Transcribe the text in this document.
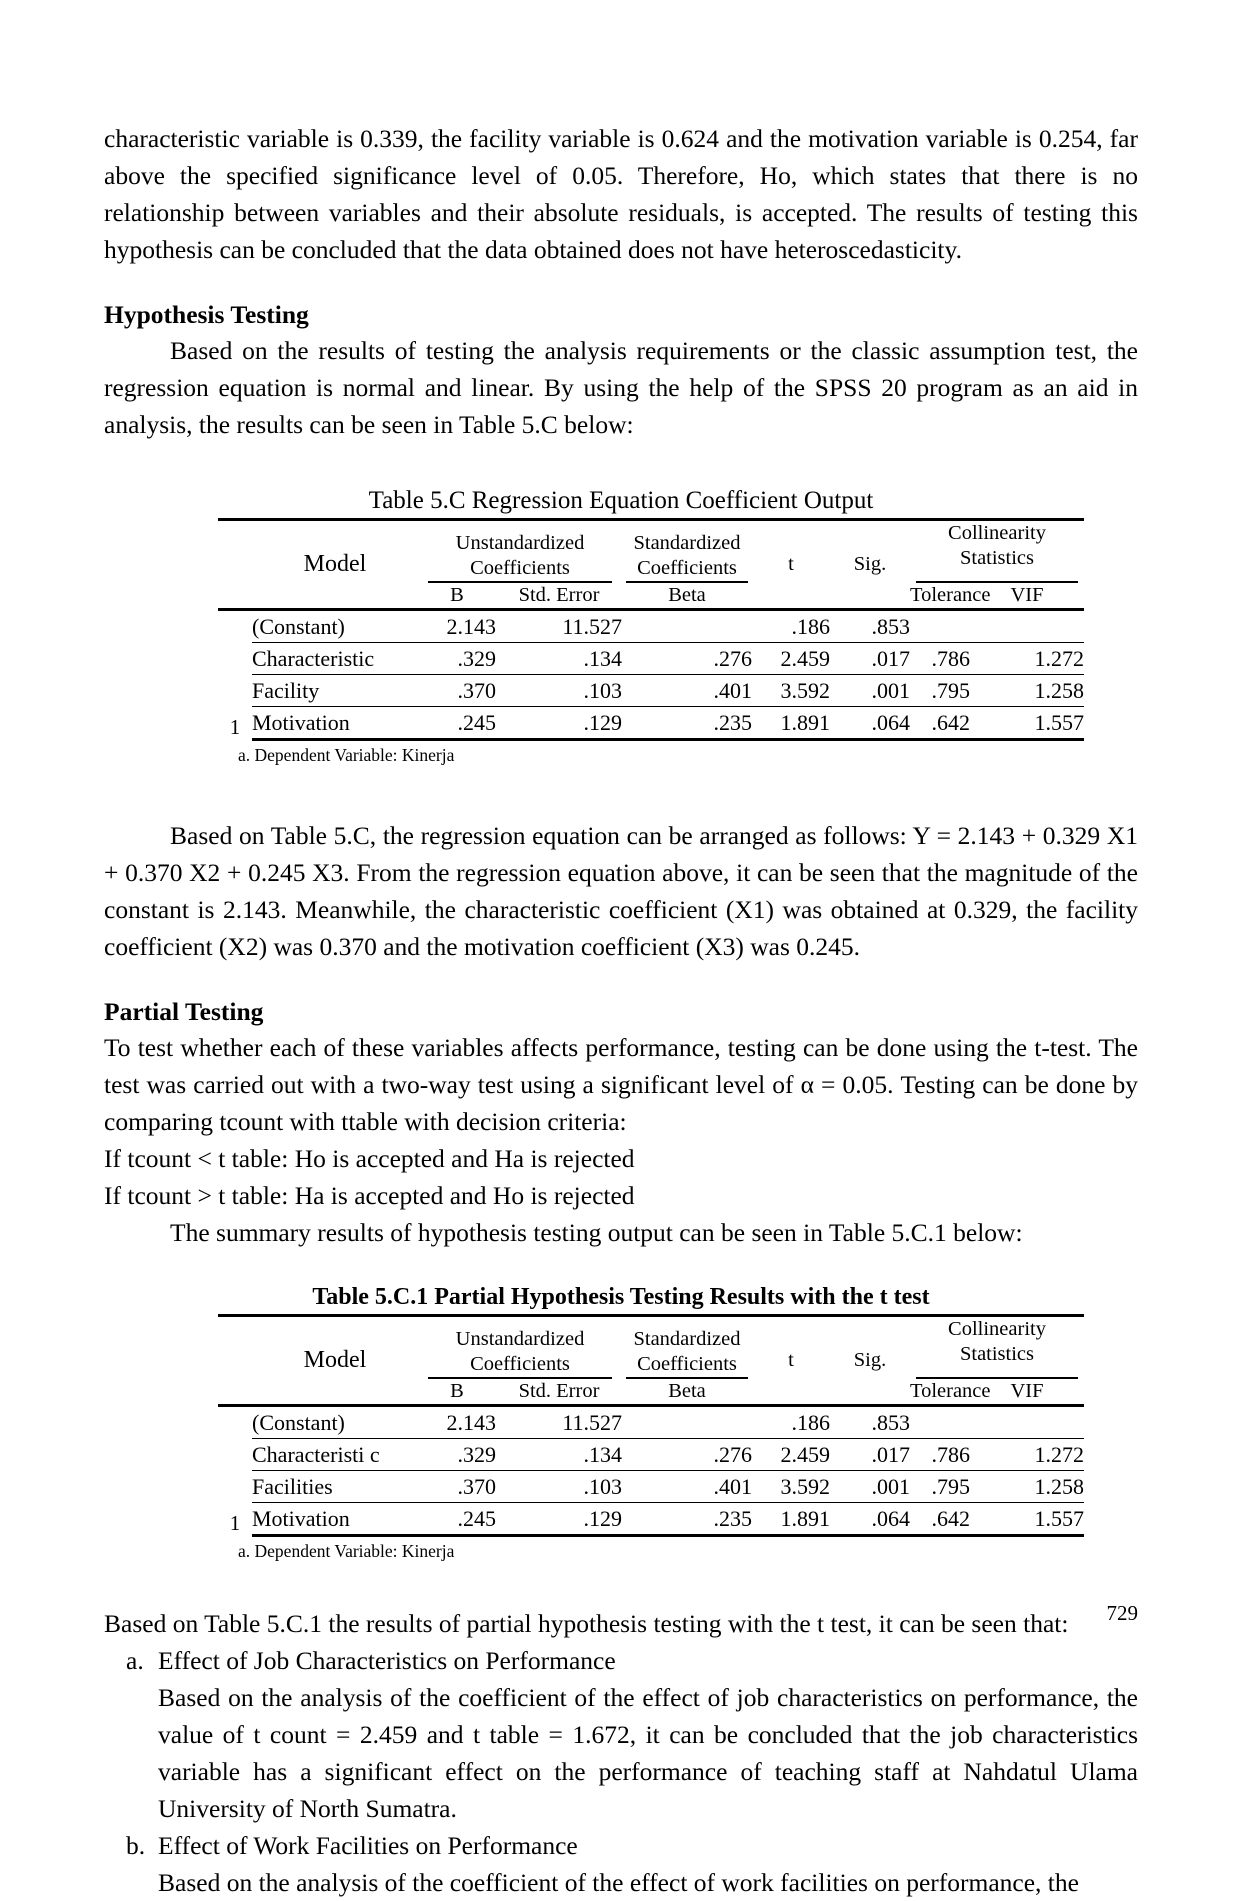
characteristic variable is 0.339, the facility variable is 0.624 and the motivation variable is 0.254, far above the specified significance level of 0.05. Therefore, Ho, which states that there is no relationship between variables and their absolute residuals, is accepted. The results of testing this hypothesis can be concluded that the data obtained does not have heteroscedasticity.

Hypothesis Testing

Based on the results of testing the analysis requirements or the classic assumption test, the regression equation is normal and linear. By using the help of the SPSS 20 program as an aid in analysis, the results can be seen in Table 5.C below:

Table 5.C Regression Equation Coefficient Output
	Model	
Unstandardized
Coefficients

Standardized
Coefficients	t	Sig.	
Collinearity Statistics

		B	Std. Error	Beta			Tolerance	VIF

1	(Constant)	2.143	11.527		.186	.853		
	Characteristic	.329	.134	.276	2.459	.017	.786	1.272
	Facility	.370	.103	.401	3.592	.001	.795	1.258
	Motivation	.245	.129	.235	1.891	.064	.642	1.557
a. Dependent Variable: Kinerja

Based on Table 5.C, the regression equation can be arranged as follows: Y = 2.143 + 0.329 X1 + 0.370 X2 + 0.245 X3. From the regression equation above, it can be seen that the magnitude of the constant is 2.143. Meanwhile, the characteristic coefficient (X1) was obtained at 0.329, the facility coefficient (X2) was 0.370 and the motivation coefficient (X3) was 0.245.

Partial Testing

To test whether each of these variables affects performance, testing can be done using the t-test. The test was carried out with a two-way test using a significant level of α = 0.05. Testing can be done by comparing tcount with ttable with decision criteria:

If tcount < t table: Ho is accepted and Ha is rejected

If tcount > t table: Ha is accepted and Ho is rejected

The summary results of hypothesis testing output can be seen in Table 5.C.1 below:

Table 5.C.1 Partial Hypothesis Testing Results with the t test
	Model	
Unstandardized
Coefficients

Standardized
Coefficients	t	Sig.	
Collinearity Statistics

		B	Std. Error	Beta			Tolerance	VIF

1	(Constant)	2.143	11.527		.186	.853		
	Characteristi c	.329	.134	.276	2.459	.017	.786	1.272
	Facilities	.370	.103	.401	3.592	.001	.795	1.258
	Motivation	.245	.129	.235	1.891	.064	.642	1.557
a. Dependent Variable: Kinerja

Based on Table 5.C.1 the results of partial hypothesis testing with the t test, it can be seen that:

a. Effect of Job Characteristics on Performance
Based on the analysis of the coefficient of the effect of job characteristics on performance, the value of t count = 2.459 and t table = 1.672, it can be concluded that the job characteristics variable has a significant effect on the performance of teaching staff at Nahdatul Ulama University of North Sumatra.
b. Effect of Work Facilities on Performance
Based on the analysis of the coefficient of the effect of work facilities on performance, the
729
